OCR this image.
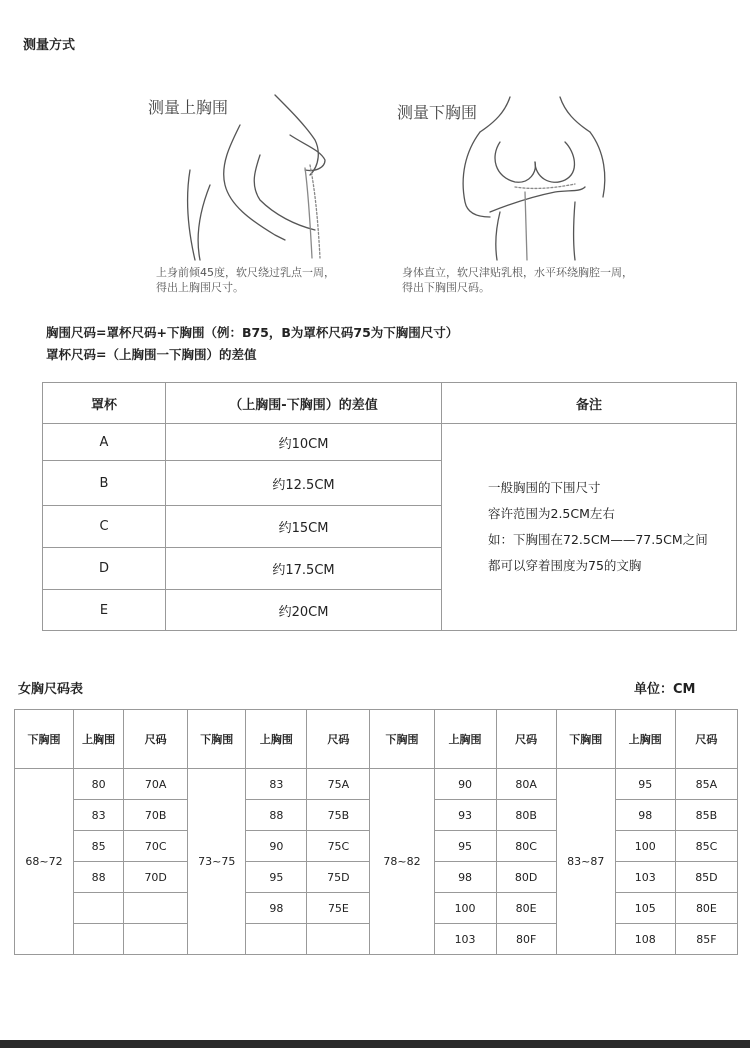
测量方式
测量上胸围
上身前倾45度，软尺绕过乳点一周，
得出上胸围尺寸。
测量下胸围
身体直立，软尺津贴乳根，水平环绕胸腔一周，
得出下胸围尺码。
胸围尺码=罩杯尺码+下胸围（例：B75，B为罩杯尺码75为下胸围尺寸）
罩杯尺码=（上胸围一下胸围）的差值
罩杯	（上胸围-下胸围）的差值	备注
A	约10CM	一般胸围的下围尺寸
容许范围为2.5CM左右
如：下胸围在72.5CM——77.5CM之间
都可以穿着围度为75的文胸

B	约12.5CM	
C	约15CM	
D	约17.5CM	
E	约20CM	
女胸尺码表	单位：CM
下胸围	上胸围	尺码	下胸围	上胸围	尺码	下胸围	上胸围	尺码	下胸围	上胸围	尺码
68~72	80	70A	73~75	83	75A	78~82	90	80A	83~87	95	85A
	83	70B		88	75B		93	80B		98	85B
	85	70C		90	75C		95	80C		100	85C
	88	70D		95	75D		98	80D		103	85D
				98	75E		100	80E		105	80E
							103	80F		108	85F
